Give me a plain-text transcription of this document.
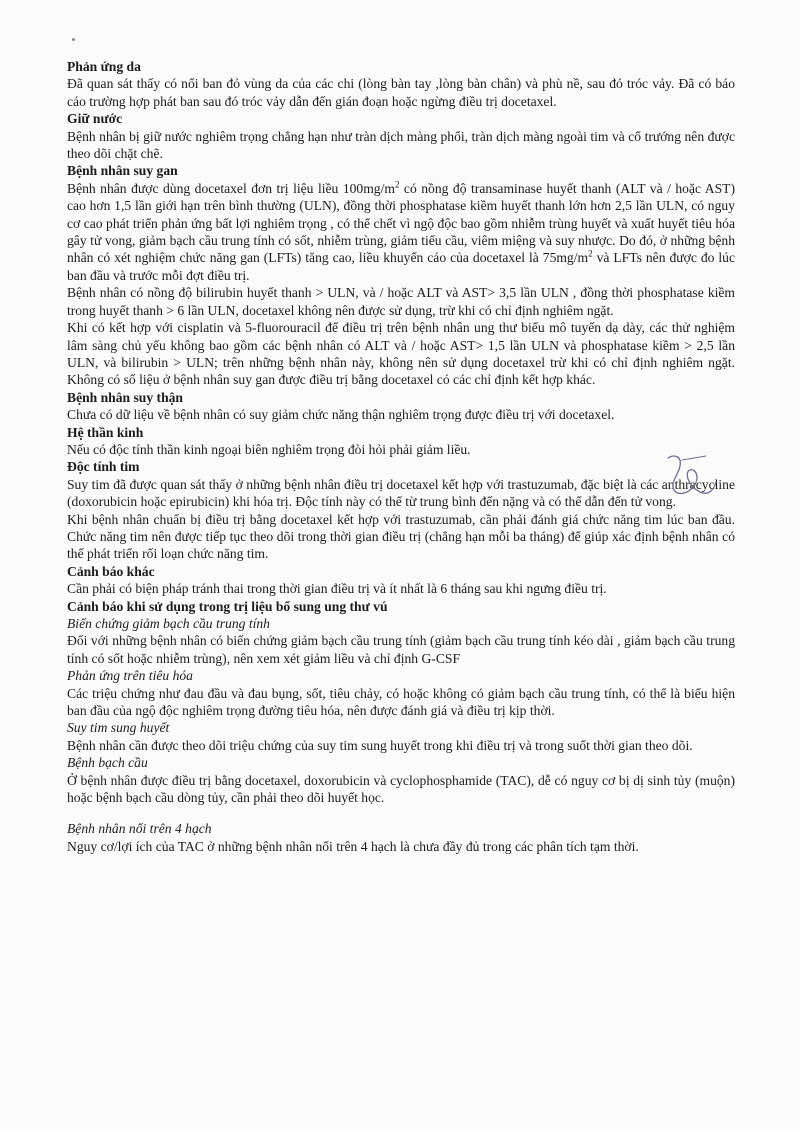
Phản ứng da

Đã quan sát thấy có nổi ban đỏ vùng da của các chi (lòng bàn tay ,lòng bàn chân) và phù nề, sau đó tróc vảy. Đã có báo cáo trường hợp phát ban sau đó tróc vảy dẫn đến gián đoạn hoặc ngừng điều trị docetaxel.

Giữ nước

Bệnh nhân bị giữ nước nghiêm trọng chẳng hạn như tràn dịch màng phổi, tràn dịch màng ngoài tim và cổ trướng nên được theo dõi chặt chẽ.

Bệnh nhân suy gan

Bệnh nhân được dùng docetaxel đơn trị liệu liều $100mg/m^2$ có nồng độ transaminase huyết thanh (ALT và / hoặc AST) cao hơn 1,5 lần giới hạn trên bình thường (ULN), đồng thời phosphatase kiềm huyết thanh lớn hơn 2,5 lần ULN, có nguy cơ cao phát triển phản ứng bất lợi nghiêm trọng , có thể chết vì ngộ độc bao gồm nhiễm trùng huyết và xuất huyết tiêu hóa gây tử vong, giảm bạch cầu trung tính có sốt, nhiễm trùng, giảm tiểu cầu, viêm miệng và suy nhược. Do đó, ở những bệnh nhân có xét nghiệm chức năng gan (LFTs) tăng cao, liều khuyến cáo của docetaxel là $75mg/m^2$ và LFTs nên được đo lúc ban đầu và trước mỗi đợt điều trị.

Bệnh nhân có nồng độ bilirubin huyết thanh > ULN, và / hoặc ALT và AST> 3,5 lần ULN , đồng thời phosphatase kiềm trong huyết thanh > 6 lần ULN, docetaxel không nên được sử dụng, trừ khi có chỉ định nghiêm ngặt.

Khi có kết hợp với cisplatin và 5-fluorouracil để điều trị trên bệnh nhân ung thư biểu mô tuyến dạ dày, các thử nghiệm lâm sàng chủ yếu không bao gồm các bệnh nhân có ALT và / hoặc AST> 1,5 lần ULN và phosphatase kiềm > 2,5 lần ULN, và bilirubin > ULN; trên những bệnh nhân này, không nên sử dụng docetaxel trừ khi có chỉ định nghiêm ngặt. Không có số liệu ở bệnh nhân suy gan được điều trị bằng docetaxel có các chỉ định kết hợp khác.

Bệnh nhân suy thận

Chưa có dữ liệu về bệnh nhân có suy giảm chức năng thận nghiêm trọng được điều trị với docetaxel.

Hệ thần kinh

Nếu có độc tính thần kinh ngoại biên nghiêm trọng đòi hỏi phải giảm liều.

Độc tính tim

Suy tim đã được quan sát thấy ở những bệnh nhân điều trị docetaxel kết hợp với trastuzumab, đặc biệt là các anthracycline (doxorubicin hoặc epirubicin) khi hóa trị. Độc tính này có thể từ trung bình đến nặng và có thể dẫn đến tử vong.

Khi bệnh nhân chuẩn bị điều trị bằng docetaxel kết hợp với trastuzumab, cần phải đánh giá chức năng tim lúc ban đầu. Chức năng tim nên được tiếp tục theo dõi trong thời gian điều trị (chẳng hạn mỗi ba tháng) để giúp xác định bệnh nhân có thể phát triển rối loạn chức năng tim.

Cảnh báo khác

Cần phải có biện pháp tránh thai trong thời gian điều trị và ít nhất là 6 tháng sau khi ngưng điều trị.

Cảnh báo khi sử dụng trong trị liệu bổ sung ung thư vú

Biến chứng giảm bạch cầu trung tính

Đối với những bệnh nhân có biến chứng giảm bạch cầu trung tính (giảm bạch cầu trung tính kéo dài , giảm bạch cầu trung tính có sốt hoặc nhiễm trùng), nên xem xét giảm liều và chỉ định G-CSF

Phản ứng trên tiêu hóa

Các triệu chứng như đau đầu và đau bụng, sốt, tiêu chảy, có hoặc không có giảm bạch cầu trung tính, có thể là biểu hiện ban đầu của ngộ độc nghiêm trọng đường tiêu hóa, nên được đánh giá và điều trị kịp thời.

Suy tim sung huyết

Bệnh nhân cần được theo dõi triệu chứng của suy tim sung huyết trong khi điều trị và trong suốt thời gian theo dõi.

Bệnh bạch cầu

Ở bệnh nhân được điều trị bằng docetaxel, doxorubicin và cyclophosphamide (TAC), dễ có nguy cơ bị dị sinh tủy (muộn) hoặc bệnh bạch cầu dòng tủy, cần phải theo dõi huyết học.

Bệnh nhân nổi trên 4 hạch

Nguy cơ/lợi ích của TAC ở những bệnh nhân nổi trên 4 hạch là chưa đầy đủ trong các phân tích tạm thời.
